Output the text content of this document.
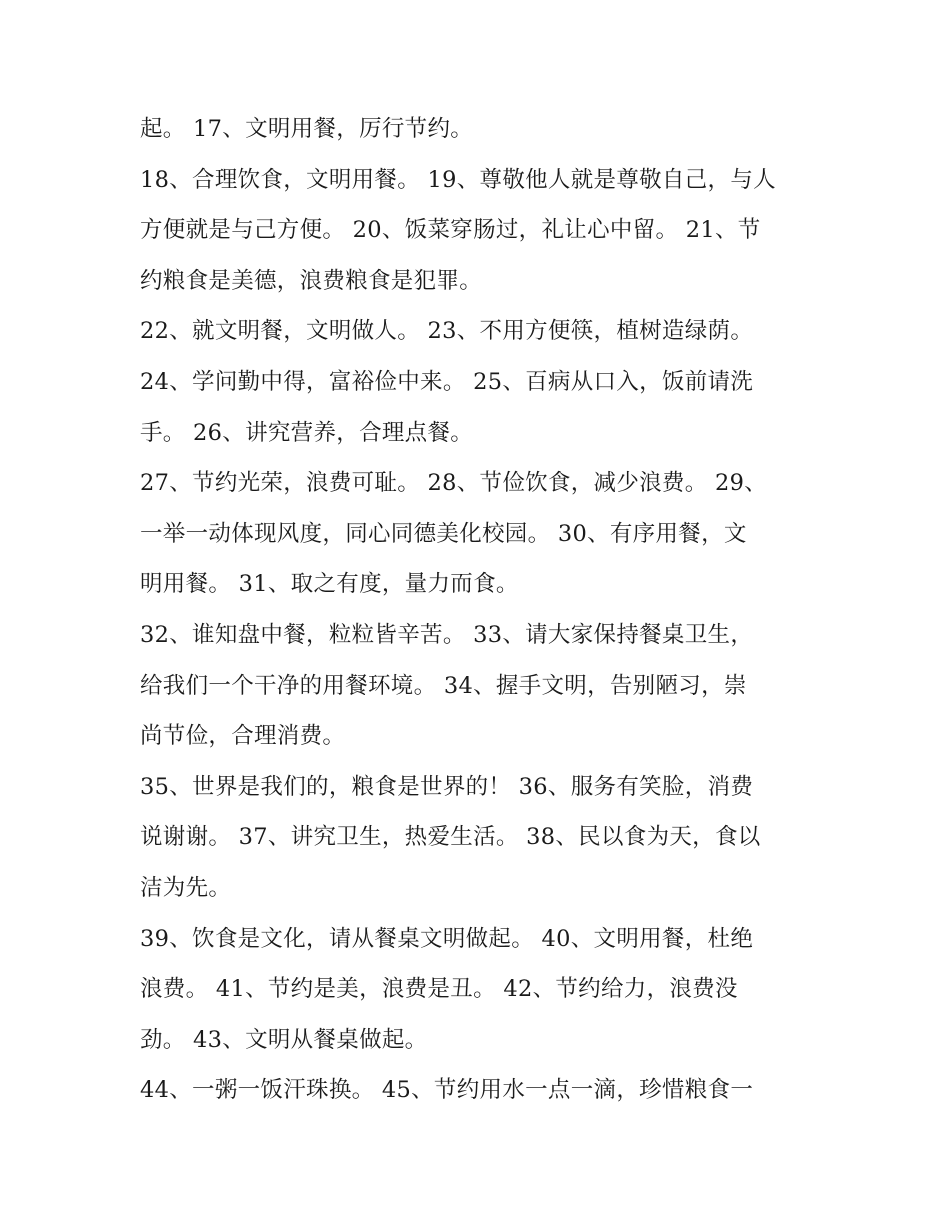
起。 17、文明用餐，厉行节约。
18、合理饮食，文明用餐。 19、尊敬他人就是尊敬自己，与人
方便就是与己方便。 20、饭菜穿肠过，礼让心中留。 21、节
约粮食是美德，浪费粮食是犯罪。
22、就文明餐，文明做人。 23、不用方便筷，植树造绿荫。
24、学问勤中得，富裕俭中来。 25、百病从口入，饭前请洗
手。 26、讲究营养，合理点餐。
27、节约光荣，浪费可耻。 28、节俭饮食，减少浪费。 29、
一举一动体现风度，同心同德美化校园。 30、有序用餐，文
明用餐。 31、取之有度，量力而食。
32、谁知盘中餐，粒粒皆辛苦。 33、请大家保持餐桌卫生，
给我们一个干净的用餐环境。 34、握手文明，告别陋习，崇
尚节俭，合理消费。
35、世界是我们的，粮食是世界的！ 36、服务有笑脸，消费
说谢谢。 37、讲究卫生，热爱生活。 38、民以食为天，食以
洁为先。
39、饮食是文化，请从餐桌文明做起。 40、文明用餐，杜绝
浪费。 41、节约是美，浪费是丑。 42、节约给力，浪费没
劲。 43、文明从餐桌做起。
44、一粥一饭汗珠换。 45、节约用水一点一滴，珍惜粮食一
